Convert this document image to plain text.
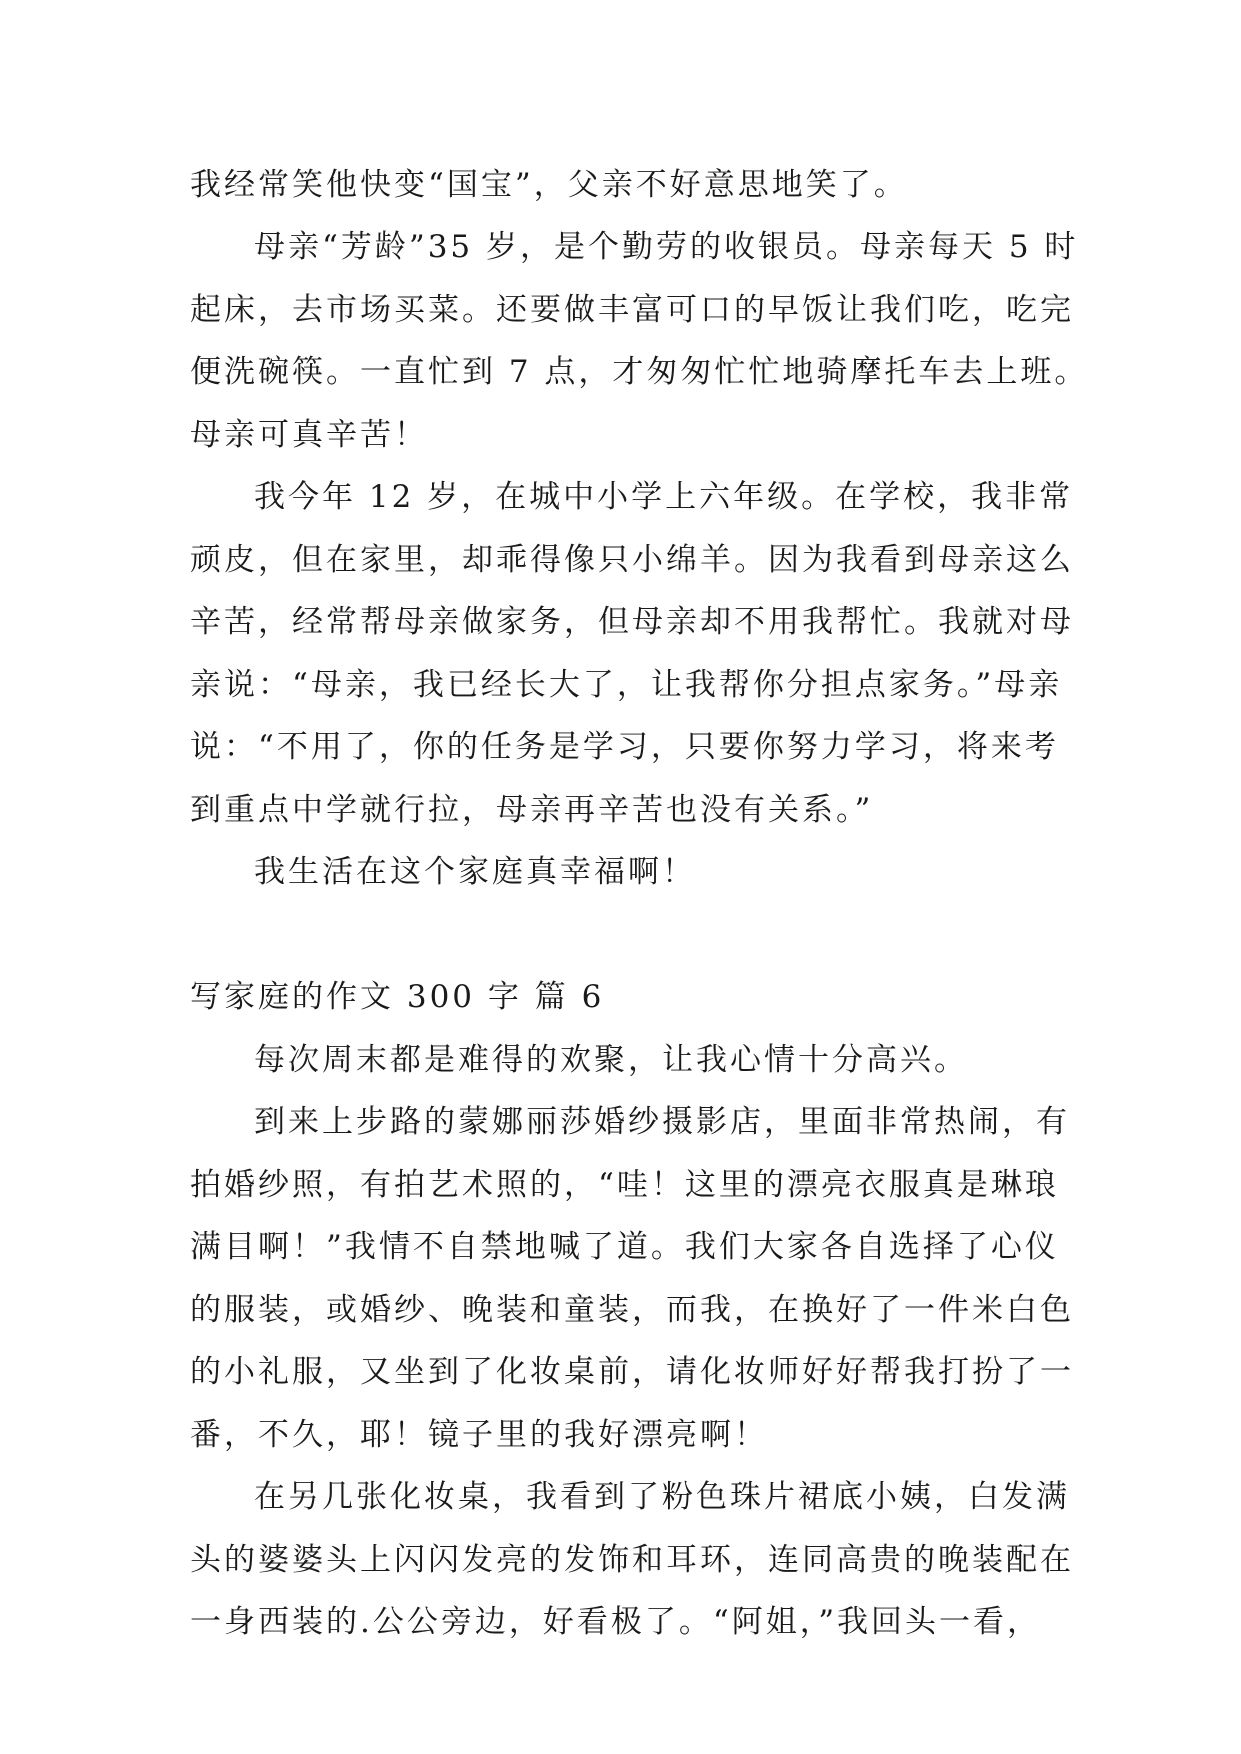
我经常笑他快变“国宝”，父亲不好意思地笑了。
母亲“芳龄”35 岁，是个勤劳的收银员。母亲每天 5 时
起床，去市场买菜。还要做丰富可口的早饭让我们吃，吃完
便洗碗筷。一直忙到 7 点，才匆匆忙忙地骑摩托车去上班。
母亲可真辛苦！
我今年 12 岁，在城中小学上六年级。在学校，我非常
顽皮，但在家里，却乖得像只小绵羊。因为我看到母亲这么
辛苦，经常帮母亲做家务，但母亲却不用我帮忙。我就对母
亲说：“母亲，我已经长大了，让我帮你分担点家务。”母亲
说：“不用了，你的任务是学习，只要你努力学习，将来考
到重点中学就行拉，母亲再辛苦也没有关系。”
我生活在这个家庭真幸福啊！
写家庭的作文 300 字 篇 6
每次周末都是难得的欢聚，让我心情十分高兴。
到来上步路的蒙娜丽莎婚纱摄影店，里面非常热闹，有
拍婚纱照，有拍艺术照的，“哇！这里的漂亮衣服真是琳琅
满目啊！”我情不自禁地喊了道。我们大家各自选择了心仪
的服装，或婚纱、晚装和童装，而我，在换好了一件米白色
的小礼服，又坐到了化妆桌前，请化妆师好好帮我打扮了一
番，不久，耶！镜子里的我好漂亮啊！
在另几张化妆桌，我看到了粉色珠片裙底小姨，白发满
头的婆婆头上闪闪发亮的发饰和耳环，连同高贵的晚装配在
一身西装的.公公旁边，好看极了。“阿姐，”我回头一看，
